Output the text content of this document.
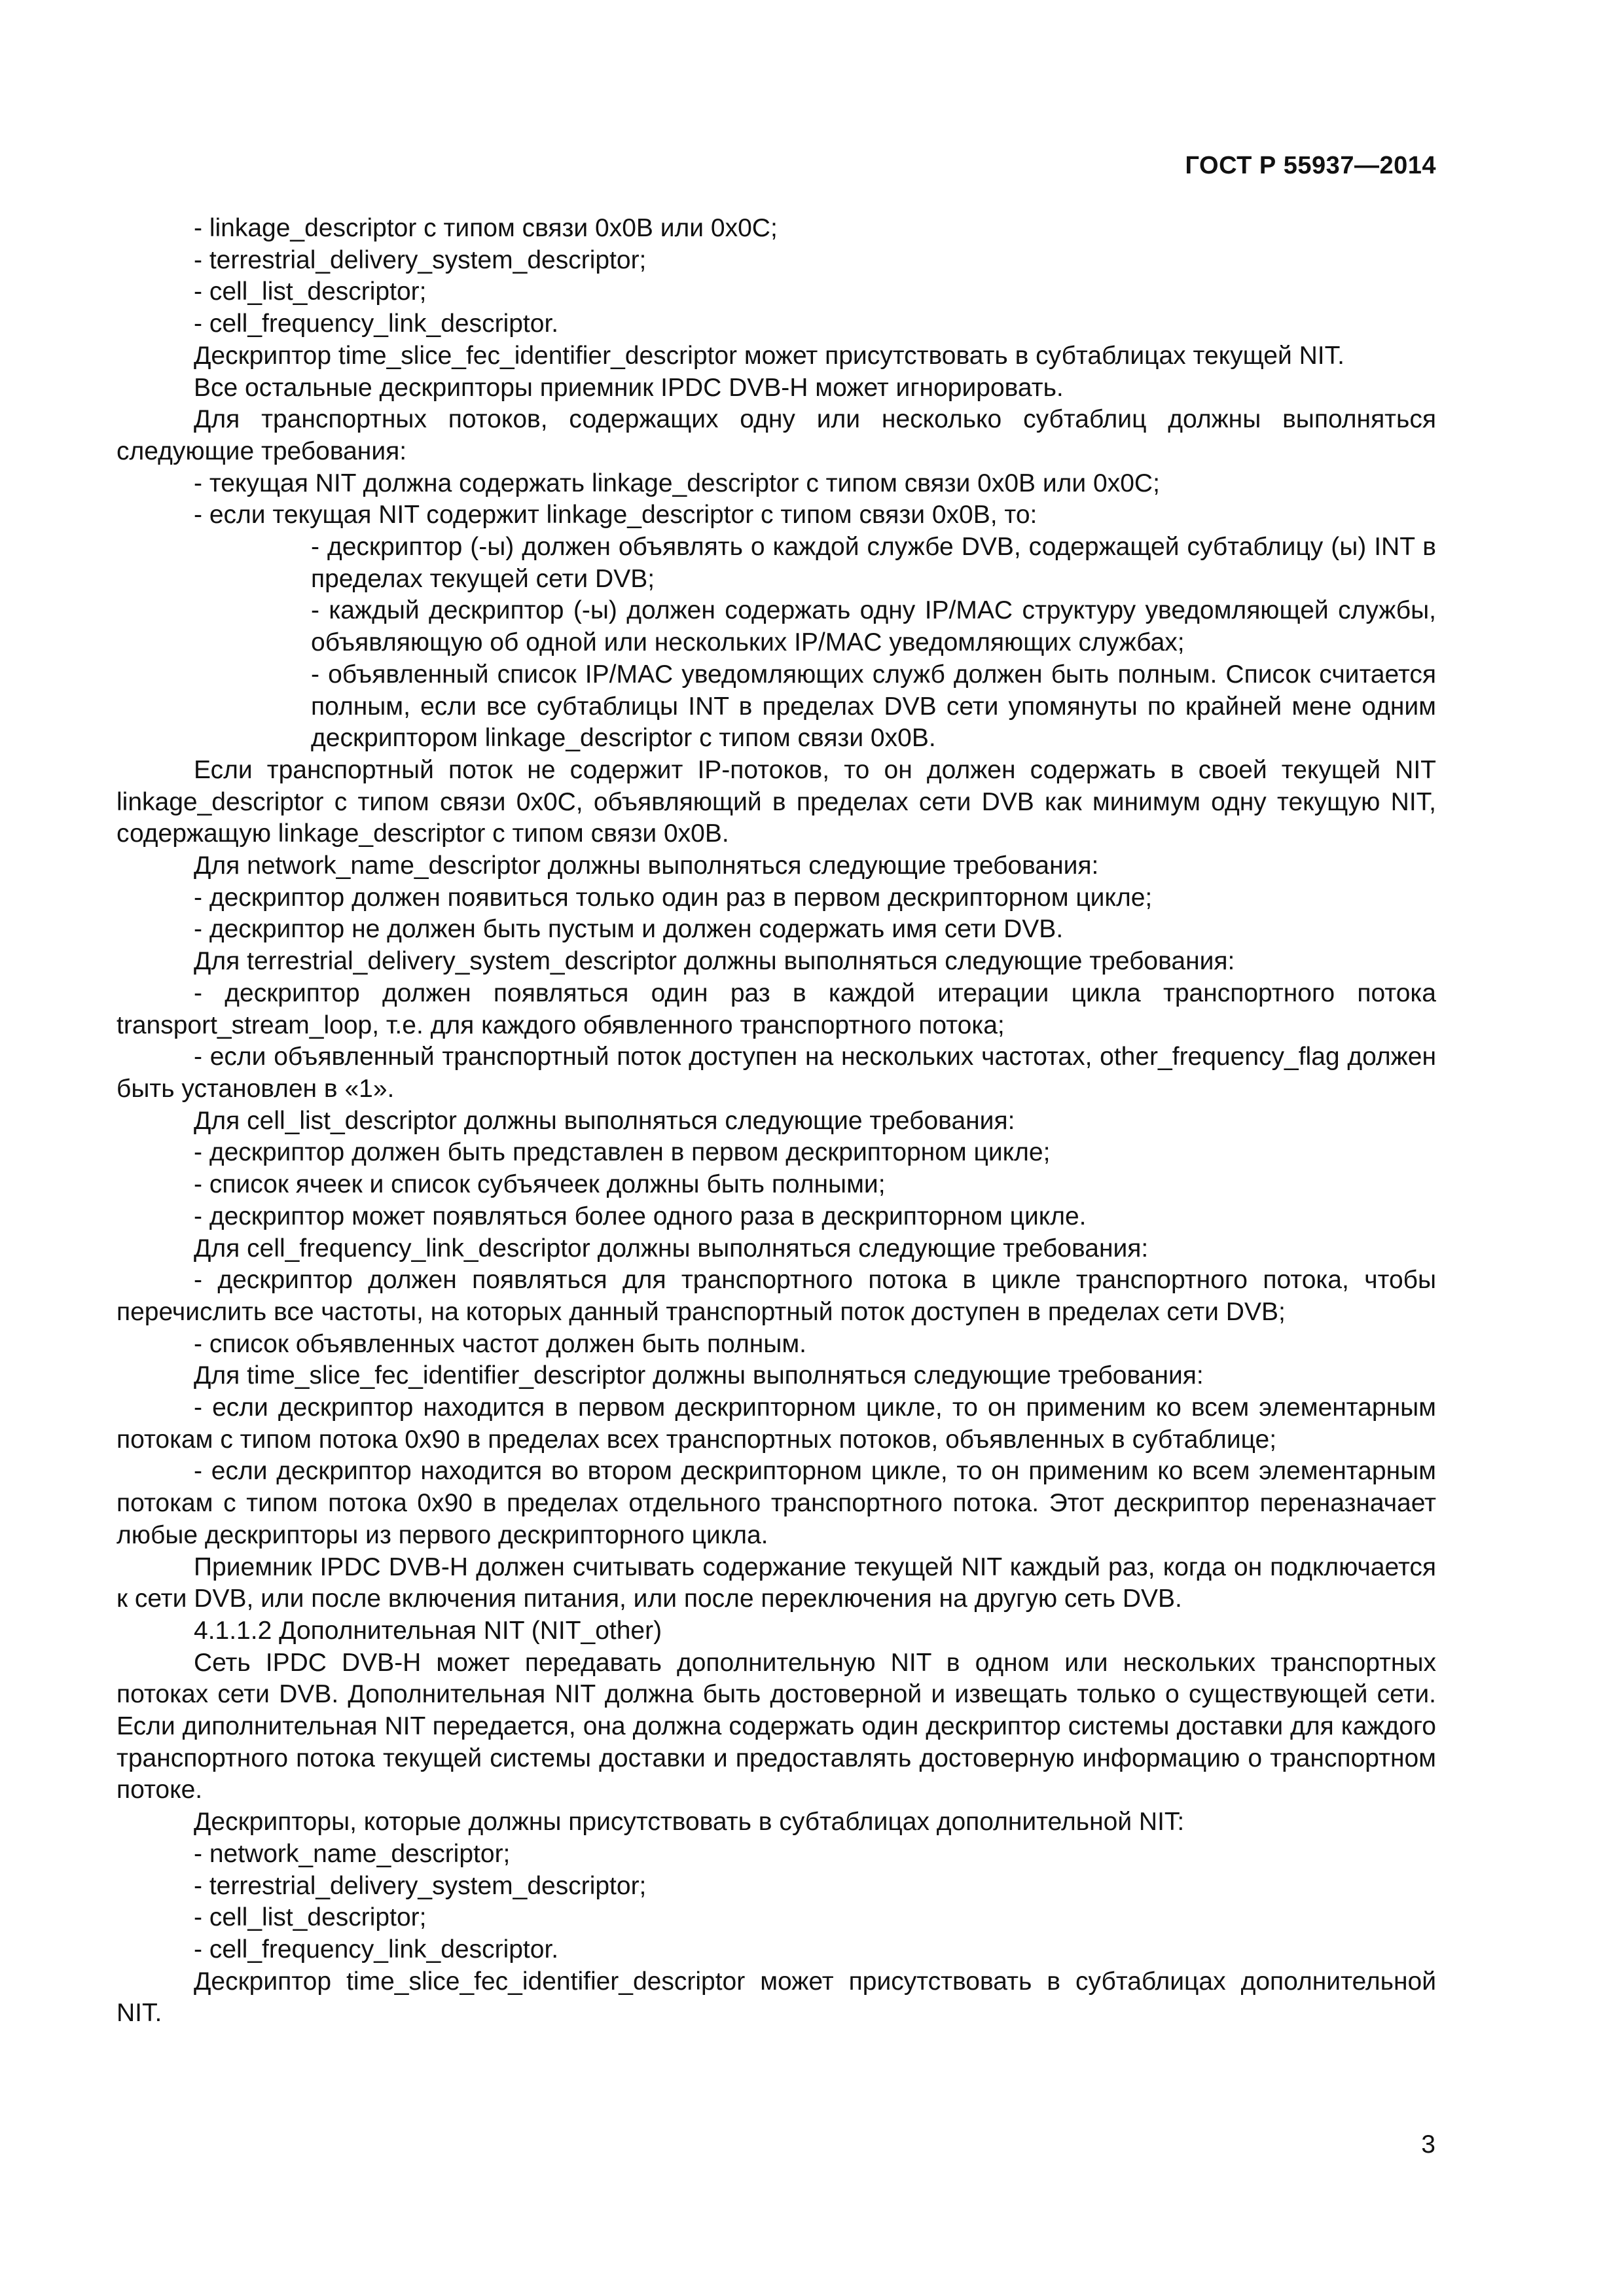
ГОСТ Р 55937—2014

- linkage_descriptor с типом связи 0х0В или 0х0С;

- terrestrial_delivery_system_descriptor;

- cell_list_descriptor;

- cell_frequency_link_descriptor.

Дескриптор time_slice_fec_identifier_descriptor может присутствовать в субтаблицах текущей NIT.

Все остальные дескрипторы приемник IPDC DVB-H может игнорировать.

Для транспортных потоков, содержащих одну или несколько субтаблиц должны выполняться следующие требования:

- текущая NIT должна содержать linkage_descriptor с типом связи 0х0В или 0х0С;

- если текущая NIT содержит linkage_descriptor с типом связи 0х0В, то:

- дескриптор (-ы) должен объявлять о каждой службе DVB, содержащей субтаблицу (ы) INT в пределах текущей сети DVB;

- каждый дескриптор (-ы) должен содержать одну IP/MAC структуру уведомляющей службы, объявляющую об одной или нескольких IP/MAC уведомляющих службах;

- объявленный список IP/MAC уведомляющих служб должен быть полным. Список считается полным, если все субтаблицы INT в пределах DVB сети упомянуты по крайней мене одним дескриптором linkage_descriptor с типом связи 0х0В.

Если транспортный поток не содержит IP-потоков, то он должен содержать в своей текущей NIT linkage_descriptor с типом связи 0х0С, объявляющий в пределах сети DVB как минимум одну текущую NIT, содержащую linkage_descriptor с типом связи 0х0В.

Для network_name_descriptor должны выполняться следующие требования:

- дескриптор должен появиться только один раз в первом дескрипторном цикле;

- дескриптор не должен быть пустым и должен содержать имя сети DVB.

Для terrestrial_delivery_system_descriptor должны выполняться следующие требования:

- дескриптор должен появляться один раз в каждой итерации цикла транспортного потока transport_stream_loop, т.е. для каждого обявленного транспортного потока;

- если объявленный транспортный поток доступен на нескольких частотах, other_frequency_flag должен быть установлен в «1».

Для cell_list_descriptor должны выполняться следующие требования:

- дескриптор должен быть представлен в первом дескрипторном цикле;

- список ячеек и список субъячеек должны быть полными;

- дескриптор может появляться более одного раза в дескрипторном цикле.

Для cell_frequency_link_descriptor должны выполняться следующие требования:

- дескриптор должен появляться для транспортного потока в цикле транспортного потока, чтобы перечислить все частоты, на которых данный транспортный поток доступен в пределах сети DVB;

- список объявленных частот должен быть полным.

Для time_slice_fec_identifier_descriptor должны выполняться следующие требования:

- если дескриптор находится в первом дескрипторном цикле, то он применим ко всем элементарным потокам с типом потока 0х90 в пределах всех транспортных потоков, объявленных в субтаблице;

- если дескриптор находится во втором дескрипторном цикле, то он применим ко всем элементарным потокам с типом потока 0х90 в пределах отдельного транспортного потока. Этот дескриптор переназначает любые дескрипторы из первого дескрипторного цикла.

Приемник IPDC DVB-H должен считывать содержание текущей NIT каждый раз, когда он подключается к сети DVB, или после включения питания, или после переключения на другую сеть DVB.

4.1.1.2 Дополнительная NIT (NIT_other)

Сеть IPDC DVB-H может передавать дополнительную NIT в одном или нескольких транспортных потоках сети DVB. Дополнительная NIT должна быть достоверной и извещать только о существующей сети. Если диполнительная NIT передается, она должна содержать один дескриптор системы доставки для каждого транспортного потока текущей системы доставки и предоставлять достоверную информацию о транспортном потоке.

Дескрипторы, которые должны присутствовать в субтаблицах дополнительной NIT:

- network_name_descriptor;

- terrestrial_delivery_system_descriptor;

- cell_list_descriptor;

- cell_frequency_link_descriptor.

Дескриптор time_slice_fec_identifier_descriptor может присутствовать в субтаблицах дополнительной NIT.

3
